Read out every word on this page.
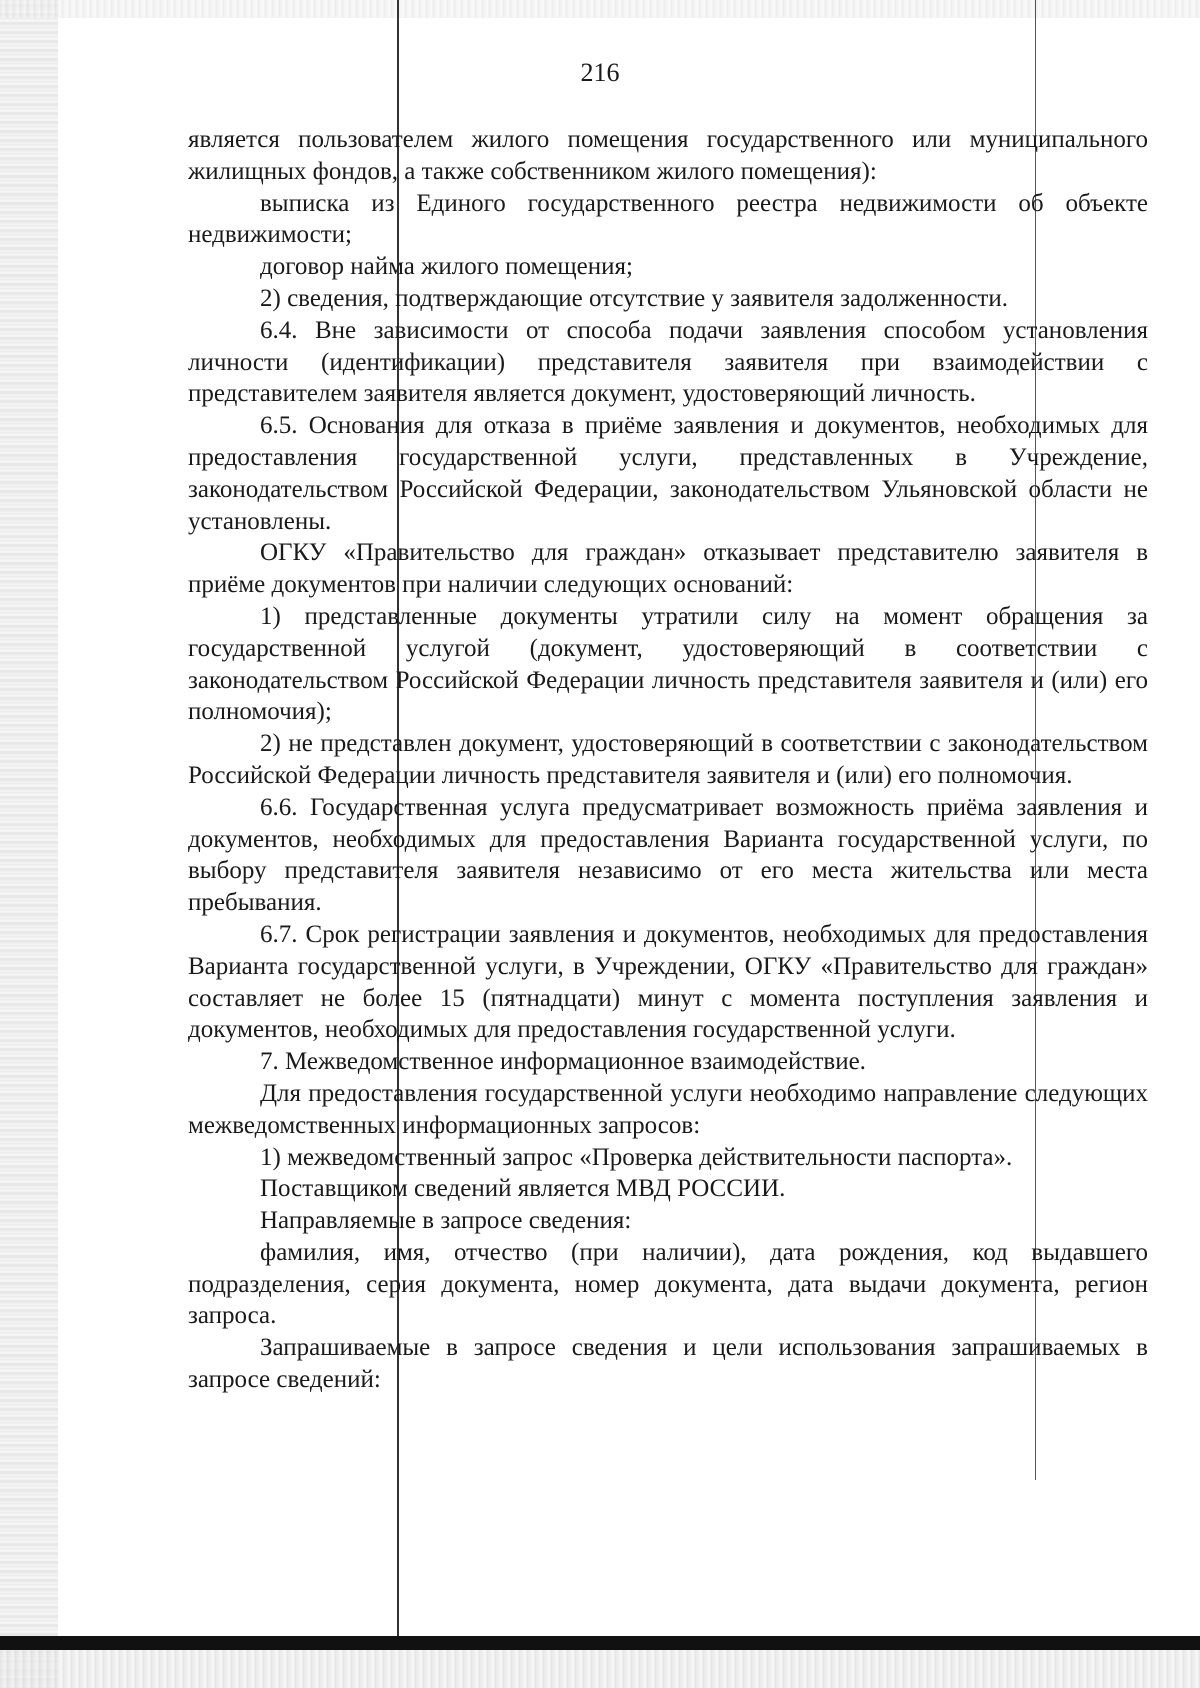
216

является пользователем жилого помещения государственного или муниципального жилищных фондов, а также собственником жилого помещения):

выписка из Единого государственного реестра недвижимости об объекте недвижимости;

договор найма жилого помещения;

2) сведения, подтверждающие отсутствие у заявителя задолженности.

6.4. Вне зависимости от способа подачи заявления способом установления личности (идентификации) представителя заявителя при взаимодействии с представителем заявителя является документ, удостоверяющий личность.

6.5. Основания для отказа в приёме заявления и документов, необходимых для предоставления государственной услуги, представленных в Учреждение, законодательством Российской Федерации, законодательством Ульяновской области не установлены.

ОГКУ «Правительство для граждан» отказывает представителю заявителя в приёме документов при наличии следующих оснований:

1) представленные документы утратили силу на момент обращения за государственной услугой (документ, удостоверяющий в соответствии с законодательством Российской Федерации личность представителя заявителя и (или) его полномочия);

2) не представлен документ, удостоверяющий в соответствии с законодательством Российской Федерации личность представителя заявителя и (или) его полномочия.

6.6. Государственная услуга предусматривает возможность приёма заявления и документов, необходимых для предоставления Варианта государственной услуги, по выбору представителя заявителя независимо от его места жительства или места пребывания.

6.7. Срок регистрации заявления и документов, необходимых для предоставления Варианта государственной услуги, в Учреждении, ОГКУ «Правительство для граждан» составляет не более 15 (пятнадцати) минут с момента поступления заявления и документов, необходимых для предоставления государственной услуги.

7. Межведомственное информационное взаимодействие.

Для предоставления государственной услуги необходимо направление следующих межведомственных информационных запросов:

1) межведомственный запрос «Проверка действительности паспорта».

Поставщиком сведений является МВД РОССИИ.

Направляемые в запросе сведения:

фамилия, имя, отчество (при наличии), дата рождения, код выдавшего подразделения, серия документа, номер документа, дата выдачи документа, регион запроса.

Запрашиваемые в запросе сведения и цели использования запрашиваемых в запросе сведений:
